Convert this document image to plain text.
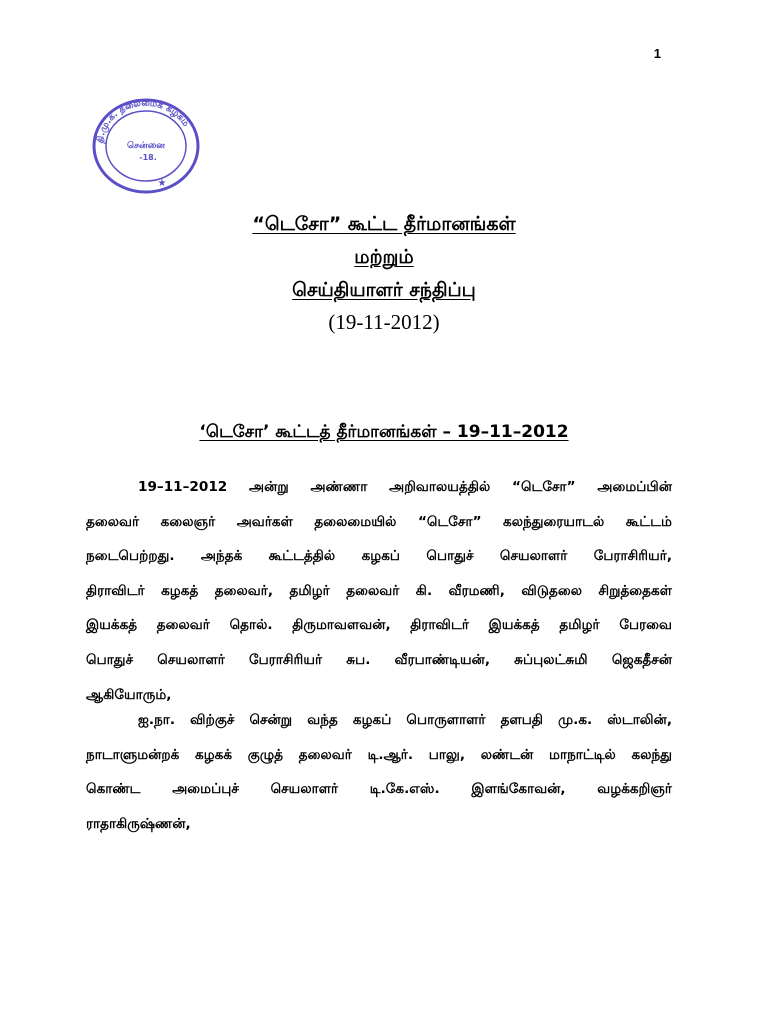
1
தி.மு.க. தலைமைக் கழகம்
சென்னை
-18.
★
“டெசோ” கூட்ட தீர்மானங்கள்
மற்றும்
செய்தியாளர் சந்திப்பு
(19-11-2012)
‘டெசோ’ கூட்டத் தீர்மானங்கள் – 19–11–2012
19–11–2012 அன்று அண்ணா அறிவாலயத்தில் “டெசோ” அமைப்பின்
தலைவர் கலைஞர் அவர்கள் தலைமையில் “டெசோ” கலந்துரையாடல் கூட்டம்
நடைபெற்றது. அந்தக் கூட்டத்தில் கழகப் பொதுச் செயலாளர் பேராசிரியர்,
திராவிடர் கழகத் தலைவர், தமிழர் தலைவர் கி. வீரமணி, விடுதலை சிறுத்தைகள்
இயக்கத் தலைவர் தொல். திருமாவளவன், திராவிடர் இயக்கத் தமிழர் பேரவை
பொதுச் செயலாளர் பேராசிரியர் சுப. வீரபாண்டியன், சுப்புலட்சுமி ஜெகதீசன்
ஆகியோரும்,
ஐ.நா. விற்குச் சென்று வந்த கழகப் பொருளாளர் தளபதி மு.க. ஸ்டாலின்,
நாடாளுமன்றக் கழகக் குழுத் தலைவர் டி.ஆர். பாலு, லண்டன் மாநாட்டில் கலந்து
கொண்ட அமைப்புச் செயலாளர் டி.கே.எஸ். இளங்கோவன், வழக்கறிஞர்
ராதாகிருஷ்ணன்,
